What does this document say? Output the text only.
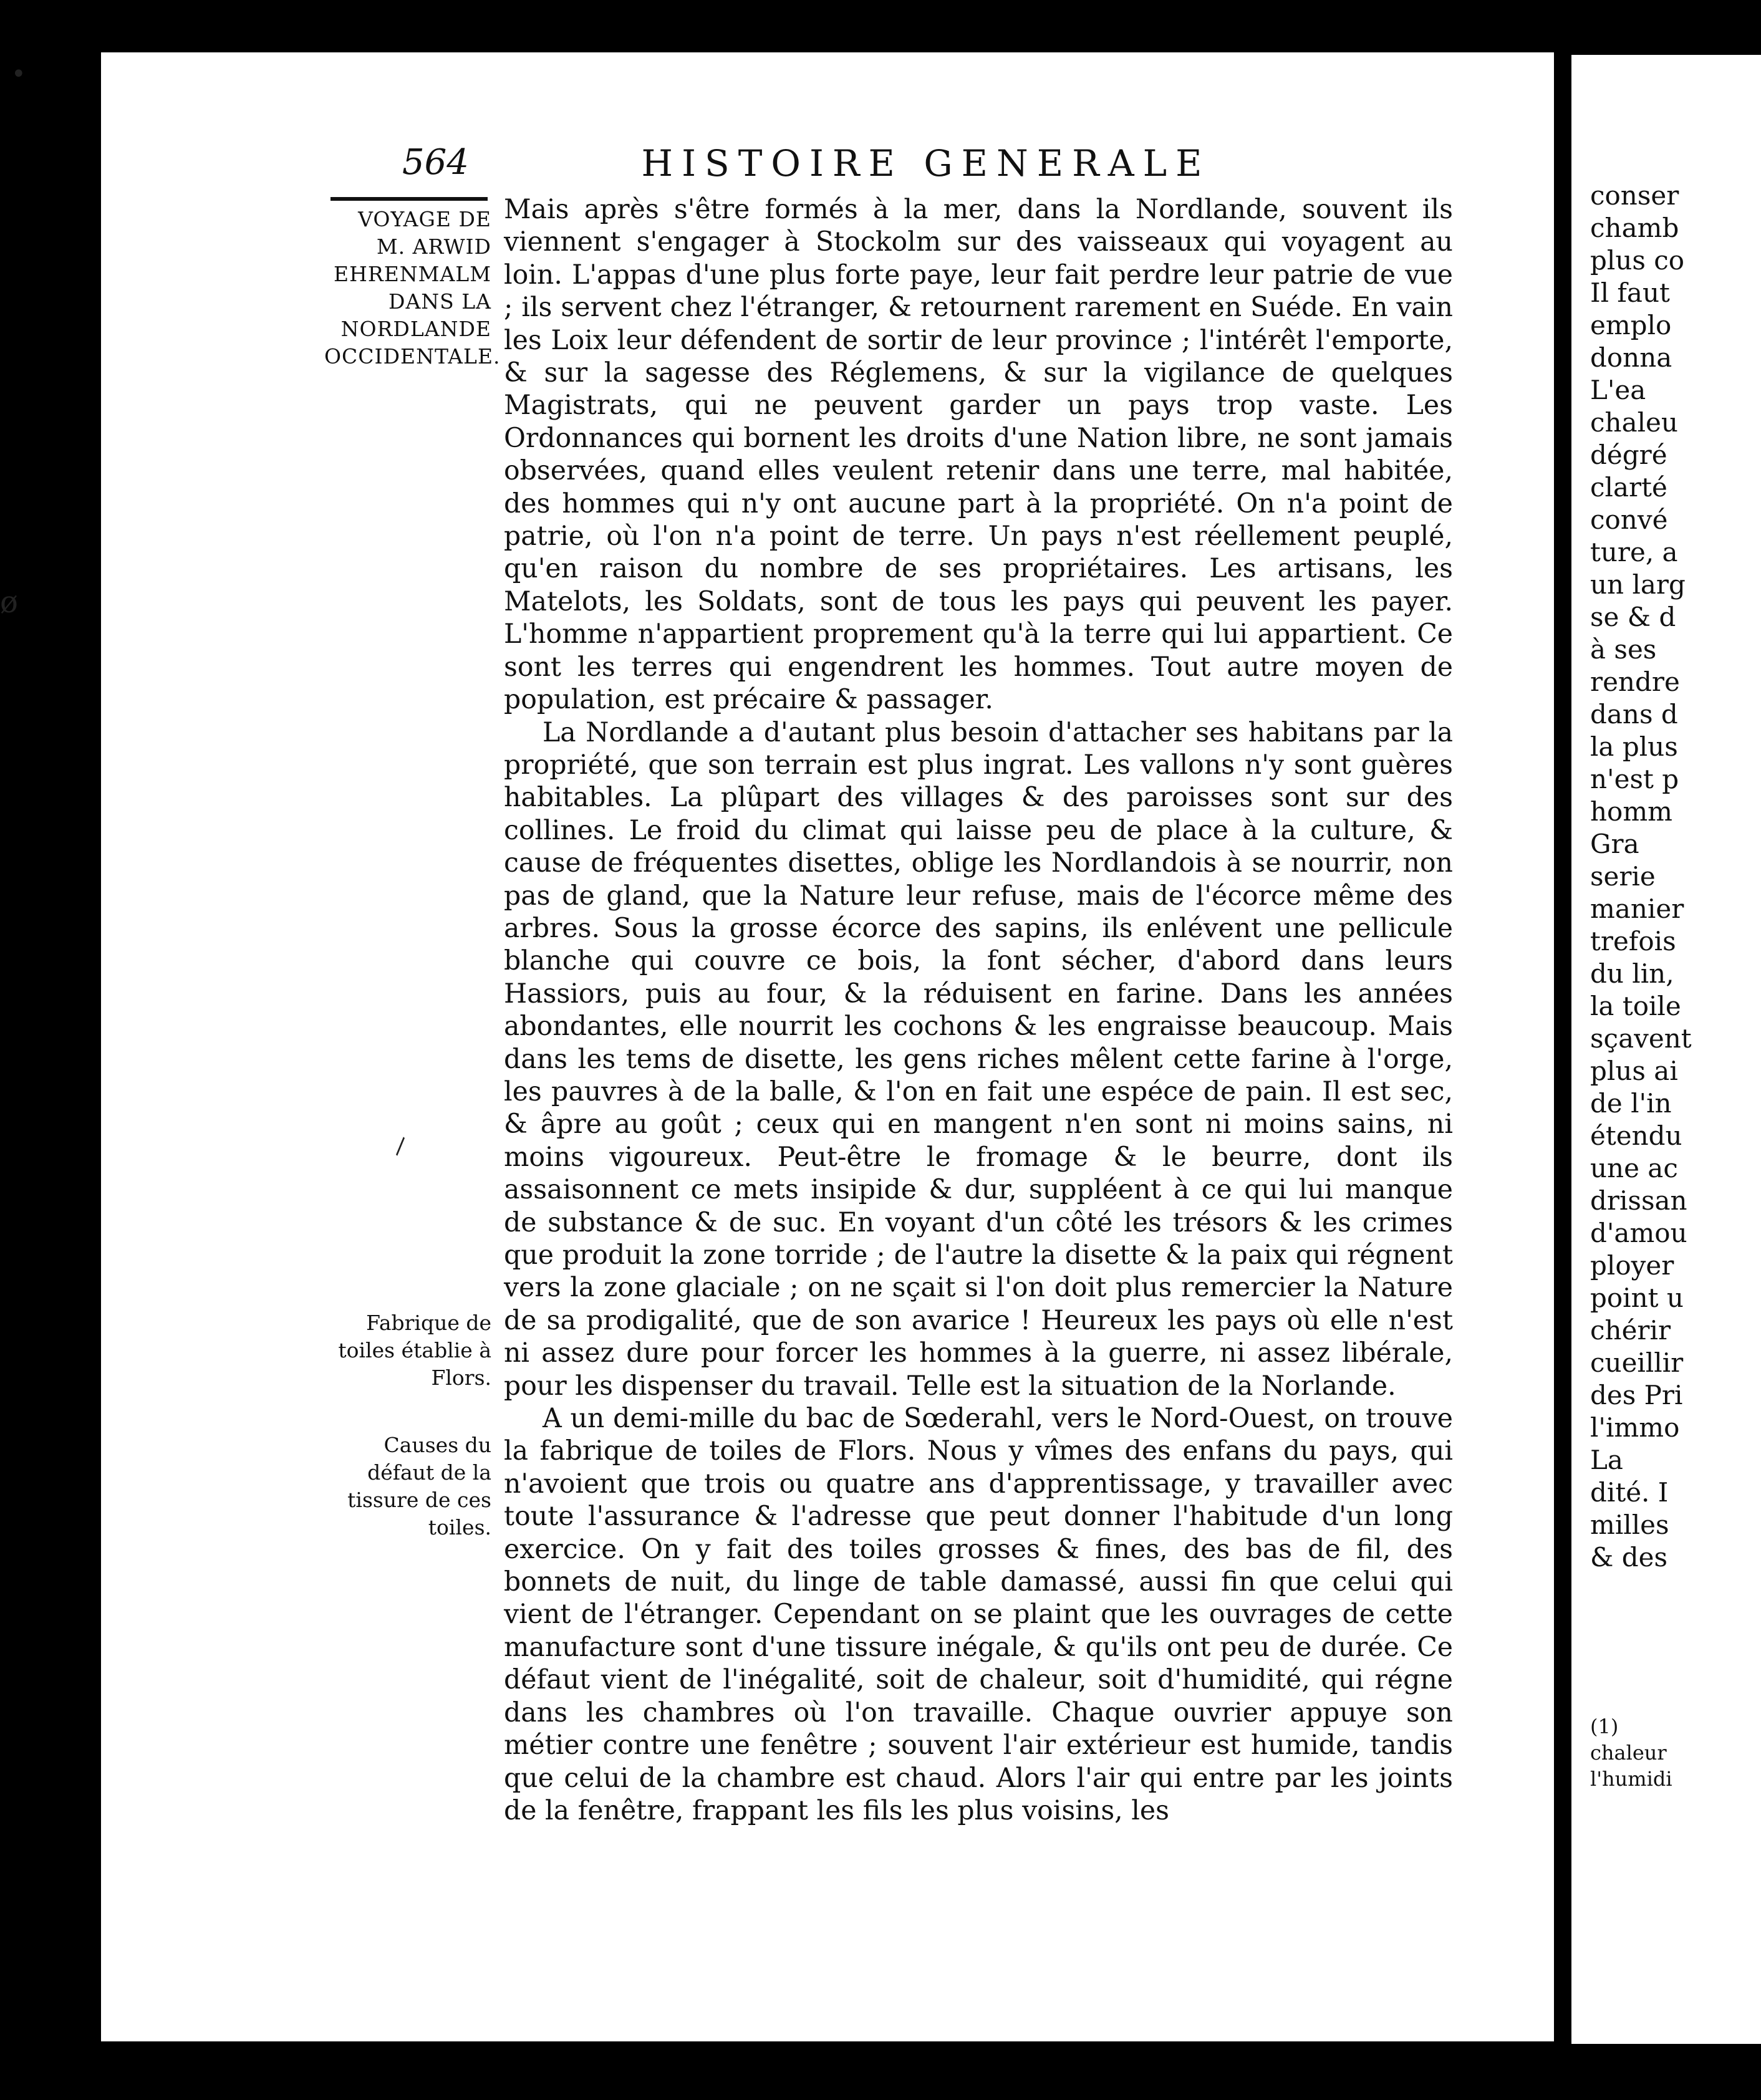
564	HISTOIRE GENERALE
VOYAGE DE M. ARWID EHRENMALM DANS LA NORDLANDE OCCIDENTALE.
Fabrique de toiles établie à Flors.
Causes du défaut de la tissure de ces toiles.

Mais après s'être formés à la mer, dans la Nordlande, souvent ils viennent s'engager à Stockolm sur des vaisseaux qui voyagent au loin. L'appas d'une plus forte paye, leur fait perdre leur patrie de vue ; ils servent chez l'étranger, & retournent rarement en Suéde. En vain les Loix leur défendent de sortir de leur province ; l'intérêt l'emporte, & sur la sagesse des Réglemens, & sur la vigilance de quelques Magistrats, qui ne peuvent garder un pays trop vaste. Les Ordonnances qui bornent les droits d'une Nation libre, ne sont jamais observées, quand elles veulent retenir dans une terre, mal habitée, des hommes qui n'y ont aucune part à la propriété. On n'a point de patrie, où l'on n'a point de terre. Un pays n'est réellement peuplé, qu'en raison du nombre de ses propriétaires. Les artisans, les Matelots, les Soldats, sont de tous les pays qui peuvent les payer. L'homme n'appartient proprement qu'à la terre qui lui appartient. Ce sont les terres qui engendrent les hommes. Tout autre moyen de population, est précaire & passager.

La Nordlande a d'autant plus besoin d'attacher ses habitans par la propriété, que son terrain est plus ingrat. Les vallons n'y sont guères habitables. La plûpart des villages & des paroisses sont sur des collines. Le froid du climat qui laisse peu de place à la culture, & cause de fréquentes disettes, oblige les Nordlandois à se nourrir, non pas de gland, que la Nature leur refuse, mais de l'écorce même des arbres. Sous la grosse écorce des sapins, ils enlévent une pellicule blanche qui couvre ce bois, la font sécher, d'abord dans leurs Hassiors, puis au four, & la réduisent en farine. Dans les années abondantes, elle nourrit les cochons & les engraisse beaucoup. Mais dans les tems de disette, les gens riches mêlent cette farine à l'orge, les pauvres à de la balle, & l'on en fait une espéce de pain. Il est sec, & âpre au goût ; ceux qui en mangent n'en sont ni moins sains, ni moins vigoureux. Peut-être le fromage & le beurre, dont ils assaisonnent ce mets insipide & dur, suppléent à ce qui lui manque de substance & de suc. En voyant d'un côté les trésors & les crimes que produit la zone torride ; de l'autre la disette & la paix qui régnent vers la zone glaciale ; on ne sçait si l'on doit plus remercier la Nature de sa prodigalité, que de son avarice ! Heureux les pays où elle n'est ni assez dure pour forcer les hommes à la guerre, ni assez libérale, pour les dispenser du travail. Telle est la situation de la Norlande.

A un demi-mille du bac de Sœderahl, vers le Nord-Ouest, on trouve la fabrique de toiles de Flors. Nous y vîmes des enfans du pays, qui n'avoient que trois ou quatre ans d'apprentissage, y travailler avec toute l'assurance & l'adresse que peut donner l'habitude d'un long exercice. On y fait des toiles grosses & fines, des bas de fil, des bonnets de nuit, du linge de table damassé, aussi fin que celui qui vient de l'étranger. Cependant on se plaint que les ouvrages de cette manufacture sont d'une tissure inégale, & qu'ils ont peu de durée. Ce défaut vient de l'inégalité, soit de chaleur, soit d'humidité, qui régne dans les chambres où l'on travaille. Chaque ouvrier appuye son métier contre une fenêtre ; souvent l'air extérieur est humide, tandis que celui de la chambre est chaud. Alors l'air qui entre par les joints de la fenêtre, frappant les fils les plus voisins, les

conser
chamb
plus co
Il faut
emplo
donna
L'ea
chaleu
dégré
clarté
convé
ture, a
un larg
se & d
à ses
rendre
dans d
la plus
n'est p
homm
Gra
serie
manier
trefois
du lin,
la toile
sçavent
plus ai
de l'in
étendu
une ac
drissan
d'amou
ployer
point u
chérir
cueillir
des Pri
l'immo
La
dité. I
milles
& des
(1)
chaleur
l'humidi
•
ø
\
